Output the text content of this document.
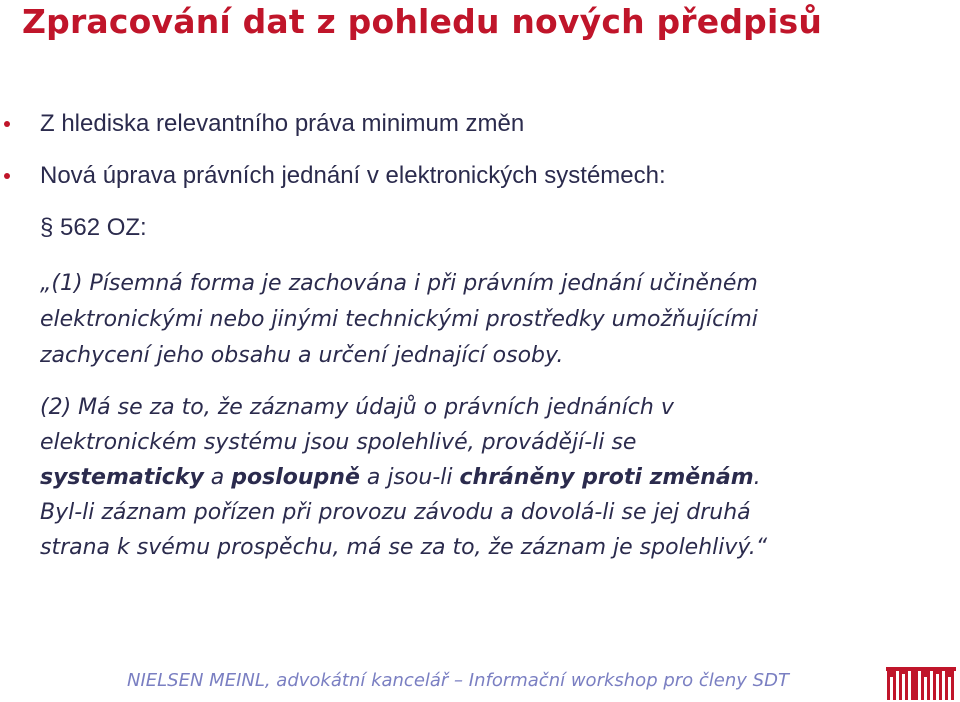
Zpracování dat z pohledu nových předpisů
Z hlediska relevantního práva minimum změn
Nová úprava právních jednání v elektronických systémech:
§ 562 OZ:
„(1) Písemná forma je zachována i při právním jednání učiněném
elektronickými nebo jinými technickými prostředky umožňujícími
zachycení jeho obsahu a určení jednající osoby.
(2) Má se za to, že záznamy údajů o právních jednáních v
elektronickém systému jsou spolehlivé, provádějí-li se
systematicky a posloupně a jsou-li chráněny proti změnám.
Byl-li záznam pořízen při provozu závodu a dovolá-li se jej druhá
strana k svému prospěchu, má se za to, že záznam je spolehlivý.“
NIELSEN MEINL, advokátní kancelář – Informační workshop pro členy SDT
